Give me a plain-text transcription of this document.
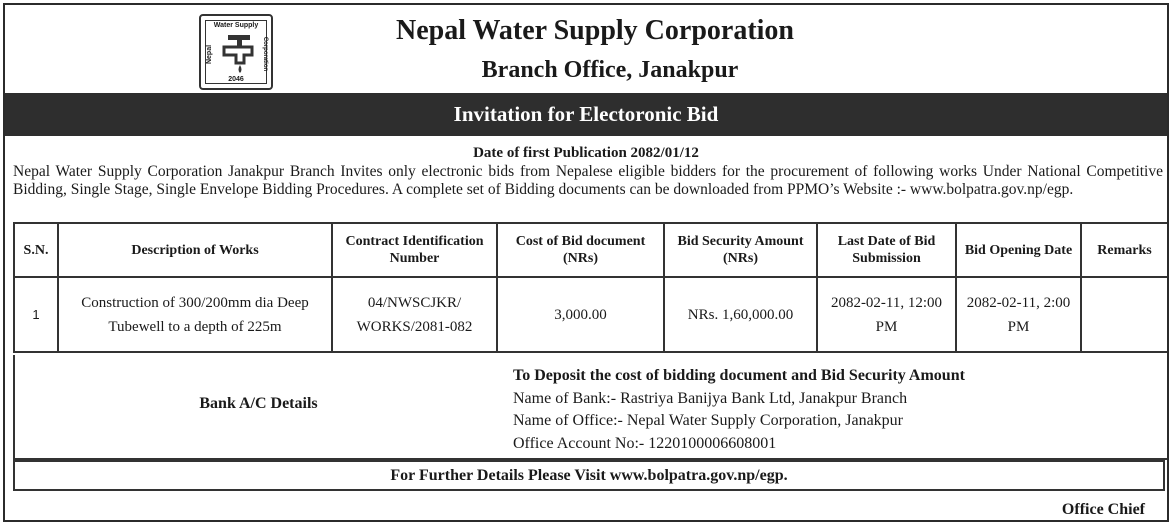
Water Supply
Nepal	Corporation
2046
Nepal Water Supply Corporation
Branch Office, Janakpur
Invitation for Electoronic Bid
Date of first Publication 2082/01/12
Nepal Water Supply Corporation Janakpur Branch Invites only electronic bids from Nepalese eligible bidders for the procurement of following works Under National Competitive Bidding, Single Stage, Single Envelope Bidding Procedures. A complete set of Bidding documents can be downloaded from PPMO’s Website :- www.bolpatra.gov.np/egp.
S.N.	Description of Works	Contract Identification Number	Cost of Bid document (NRs)	Bid Security Amount (NRs)	Last Date of Bid Submission	Bid Opening Date	Remarks
1	Construction of 300/200mm dia Deep Tubewell to a depth of 225m	04/NWSCJKR/ WORKS/2081-082	3,000.00	NRs. 1,60,000.00	2082-02-11, 12:00 PM	2082-02-11, 2:00 PM	
Bank A/C Details
To Deposit the cost of bidding document and Bid Security Amount
Name of Bank:- Rastriya Banijya Bank Ltd, Janakpur Branch
Name of Office:- Nepal Water Supply Corporation, Janakpur
Office Account No:- 1220100006608001
For Further Details Please Visit www.bolpatra.gov.np/egp.
Office Chief
